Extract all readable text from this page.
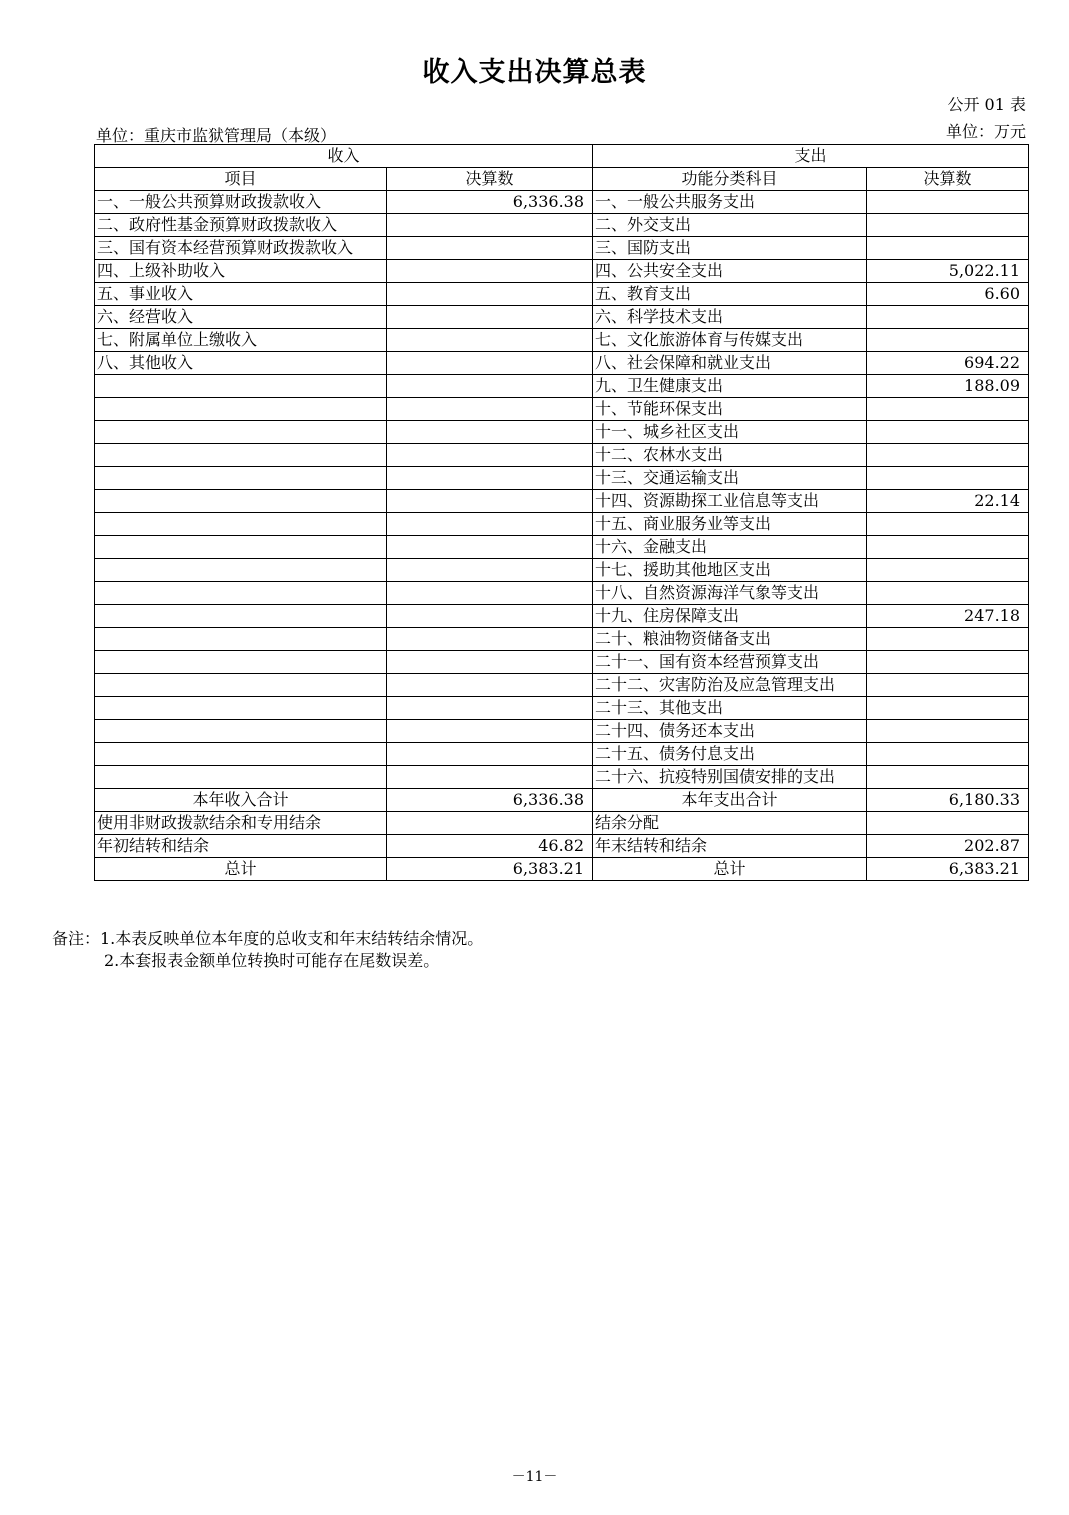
收入支出决算总表
公开 01 表
单位：重庆市监狱管理局（本级）	单位：万元
收入		支出	
项目	决算数	功能分类科目	决算数
一、一般公共预算财政拨款收入	6,336.38	一、一般公共服务支出	
二、政府性基金预算财政拨款收入		二、外交支出	
三、国有资本经营预算财政拨款收入		三、国防支出	
四、上级补助收入		四、公共安全支出	5,022.11
五、事业收入		五、教育支出	6.60
六、经营收入		六、科学技术支出	
七、附属单位上缴收入		七、文化旅游体育与传媒支出	
八、其他收入		八、社会保障和就业支出	694.22
		九、卫生健康支出	188.09
		十、节能环保支出	
		十一、城乡社区支出	
		十二、农林水支出	
		十三、交通运输支出	
		十四、资源勘探工业信息等支出	22.14
		十五、商业服务业等支出	
		十六、金融支出	
		十七、援助其他地区支出	
		十八、自然资源海洋气象等支出	
		十九、住房保障支出	247.18
		二十、粮油物资储备支出	
		二十一、国有资本经营预算支出	
		二十二、灾害防治及应急管理支出	
		二十三、其他支出	
		二十四、债务还本支出	
		二十五、债务付息支出	
		二十六、抗疫特别国债安排的支出	
本年收入合计	6,336.38	本年支出合计	6,180.33
使用非财政拨款结余和专用结余		结余分配	
年初结转和结余	46.82	年末结转和结余	202.87
总计	6,383.21	总计	6,383.21
备注：1.本表反映单位本年度的总收支和年末结转结余情况。
2.本套报表金额单位转换时可能存在尾数误差。
－11－
